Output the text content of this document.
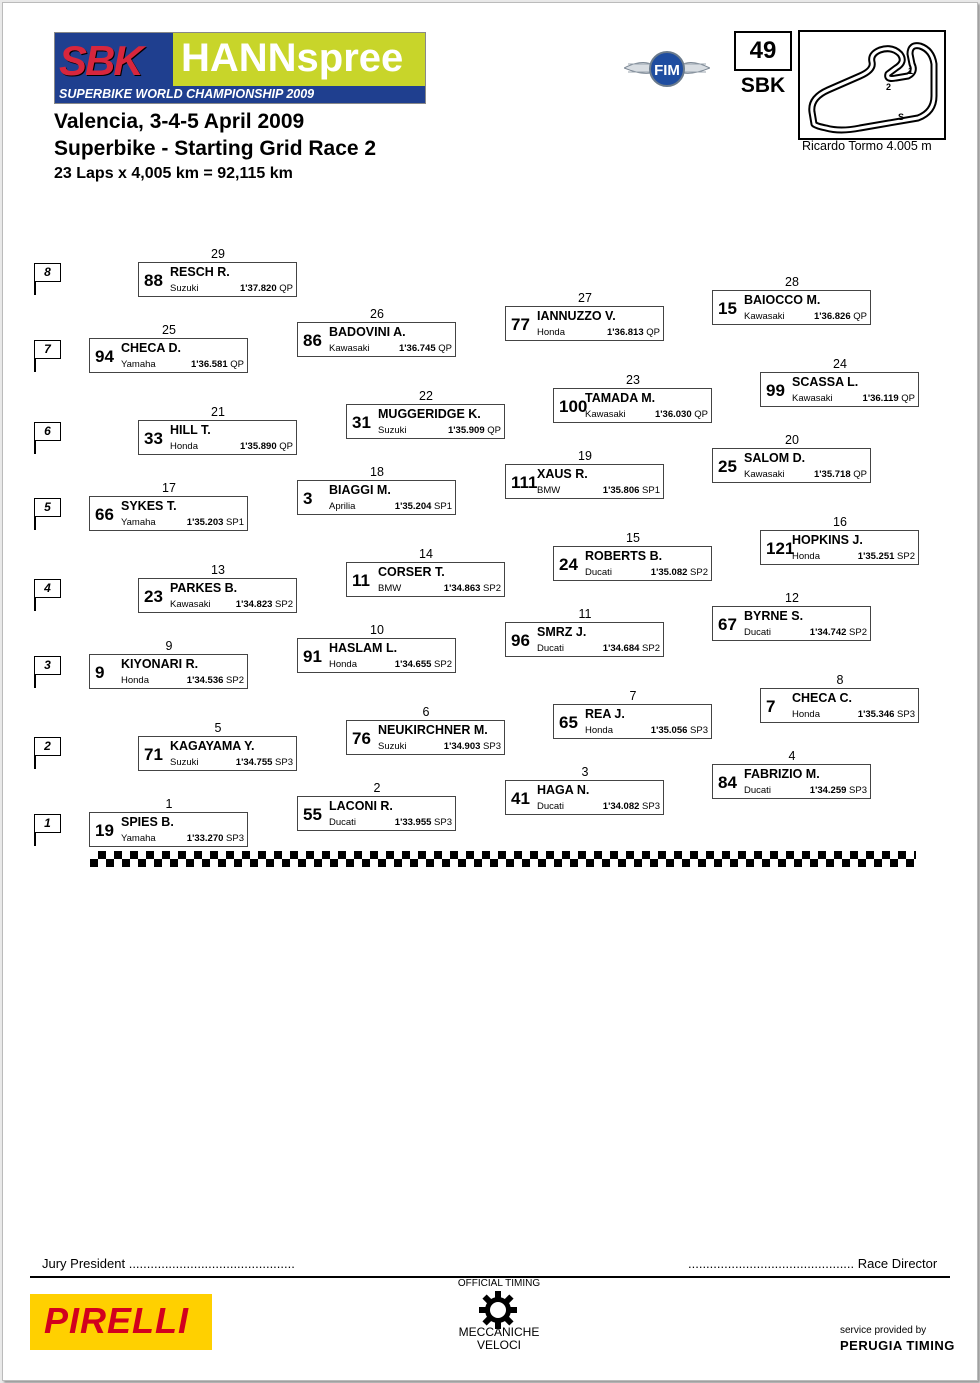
SBK HANNspree
SUPERBIKE WORLD CHAMPIONSHIP 2009
FIM
49
SBK
1
2
S
Ricardo Tormo 4.005 m
Valencia, 3-4-5 April 2009
Superbike - Starting Grid Race 2
23 Laps x 4,005 km = 92,115 km
8
7
6
5
4
3
2
1
1
19 SPIES B.
Yamaha	1'33.270 SP3
2
55 LACONI R.
Ducati	1'33.955 SP3
3
41 HAGA N.
Ducati	1'34.082 SP3
4
84 FABRIZIO M.
Ducati	1'34.259 SP3
5
71 KAGAYAMA Y.
Suzuki	1'34.755 SP3
6
76 NEUKIRCHNER M.
Suzuki	1'34.903 SP3
7
65 REA J.
Honda	1'35.056 SP3
8
7 CHECA C.
Honda	1'35.346 SP3
9
9 KIYONARI R.
Honda	1'34.536 SP2
10
91 HASLAM L.
Honda	1'34.655 SP2
11
96 SMRZ J.
Ducati	1'34.684 SP2
12
67 BYRNE S.
Ducati	1'34.742 SP2
13
23 PARKES B.
Kawasaki	1'34.823 SP2
14
11 CORSER T.
BMW	1'34.863 SP2
15
24 ROBERTS B.
Ducati	1'35.082 SP2
16
121
HOPKINS J.
Honda	1'35.251 SP2
17
66 SYKES T.
Yamaha	1'35.203 SP1
18
3 BIAGGI M.
Aprilia	1'35.204 SP1
19
111 XAUS R.
BMW	1'35.806 SP1
20
25 SALOM D.
Kawasaki	1'35.718 QP
21
33 HILL T.
Honda	1'35.890 QP
22
31 MUGGERIDGE K.
Suzuki	1'35.909 QP
23
100
TAMADA M.
Kawasaki	1'36.030 QP
24
99 SCASSA L.
Kawasaki	1'36.119 QP
25
94 CHECA D.
Yamaha	1'36.581 QP
26
86 BADOVINI A.
Kawasaki	1'36.745 QP
27
77 IANNUZZO V.
Honda	1'36.813 QP
28
15 BAIOCCO M.
Kawasaki	1'36.826 QP
29
88 RESCH R.
Suzuki	1'37.820 QP
Jury President ..............................................	.............................................. Race Director
PIRELLI
OFFICIAL TIMING
MECCANICHE
VELOCI
service provided by
PERUGIA TIMING
